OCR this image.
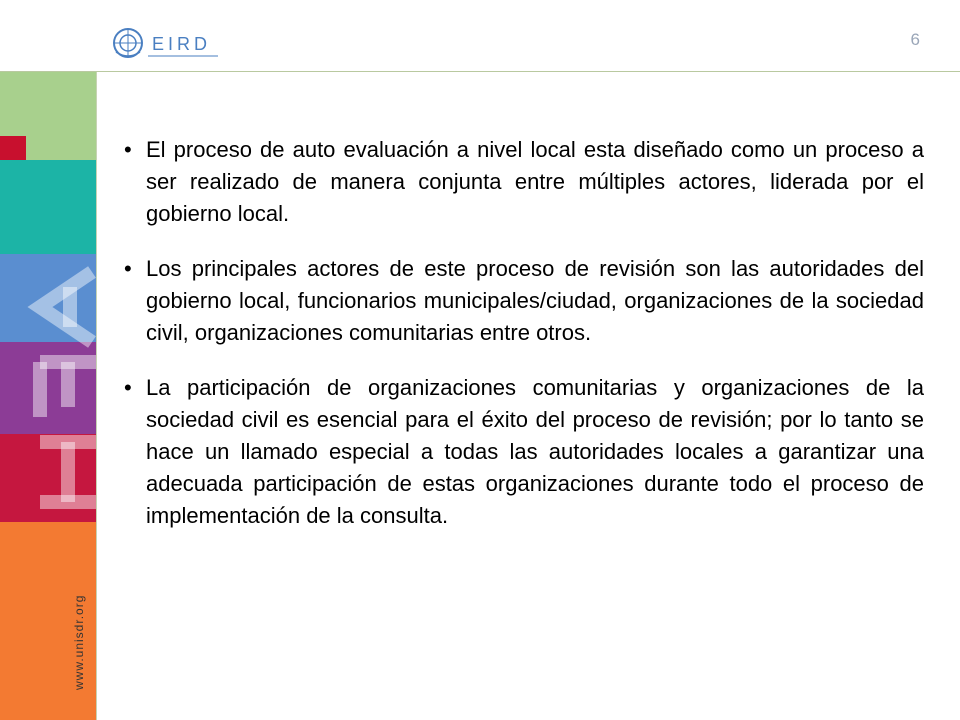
EIRD	6
www.unisdr.org
• El proceso de auto evaluación a nivel local esta diseñado como un proceso a ser realizado de manera conjunta entre múltiples actores, liderada por el gobierno local.
• Los principales actores de este proceso de revisión son las autoridades del gobierno local, funcionarios municipales/ciudad, organizaciones de la sociedad civil, organizaciones comunitarias entre otros.
• La participación de organizaciones comunitarias y organizaciones de la sociedad civil es esencial para el éxito del proceso de revisión; por lo tanto se hace un llamado especial a todas las autoridades locales a garantizar una adecuada participación de estas organizaciones durante todo el proceso de implementación de la consulta.
